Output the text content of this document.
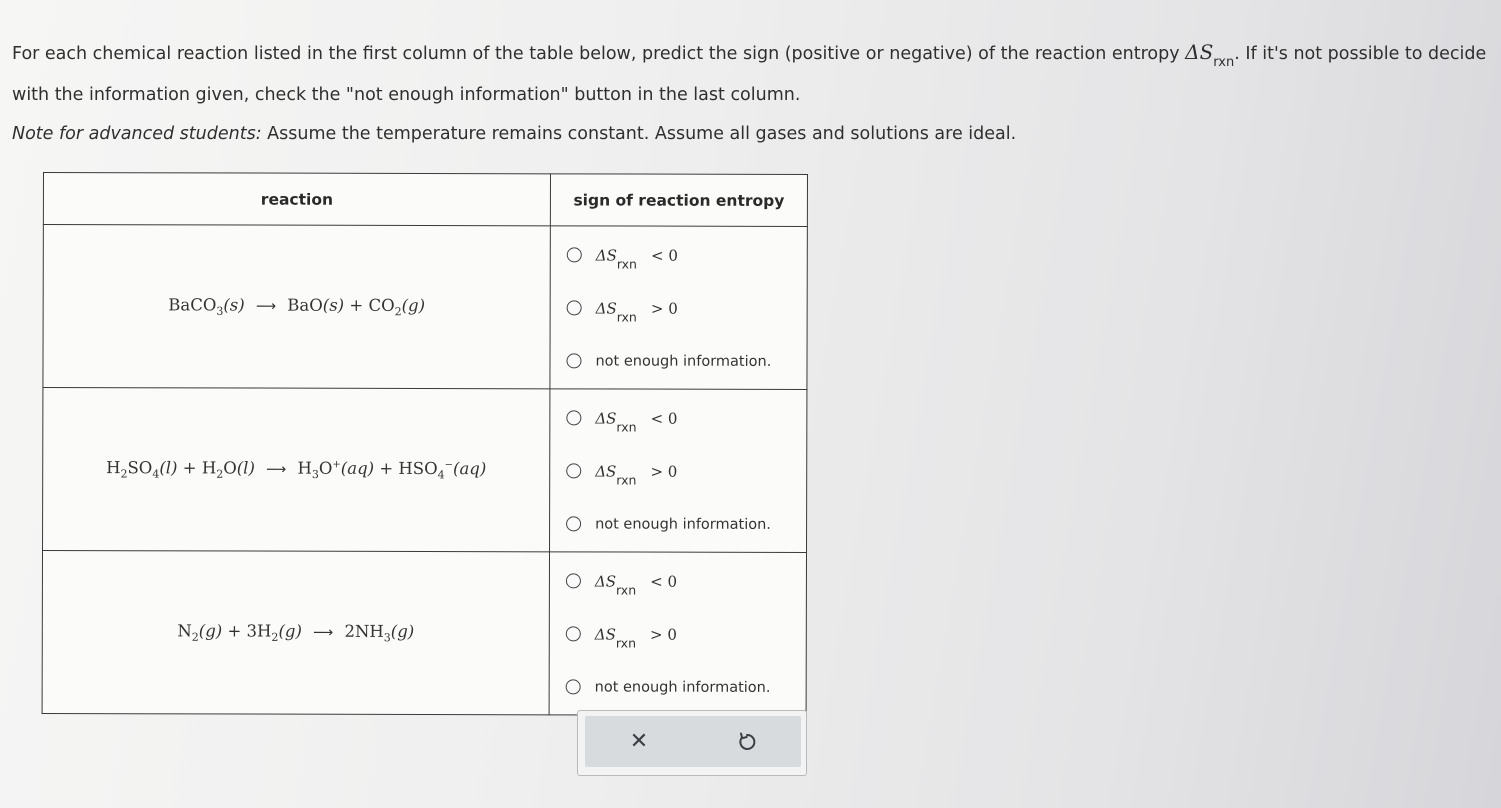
For each chemical reaction listed in the first column of the table below, predict the sign (positive or negative) of the reaction entropy $\Delta S_{rxn}$. If it's not possible to decide with the information given, check the "not enough information" button in the last column.

Note for advanced students: Assume the temperature remains constant. Assume all gases and solutions are ideal.

reaction	sign of reaction entropy
BaCO$_3$(s) ⟶ $BaO(s) + CO_2(g)$	$\Delta S_{rxn} < 0$
$\Delta S_{rxn} > 0$
not enough information.

$H_2SO_4(l) + H_2O(l)$ ⟶ $H_3O^+(aq) + HSO_4^-(aq)$	$\Delta S_{rxn} < 0$
$\Delta S_{rxn} > 0$
not enough information.

$N_2(g) + 3H_2(g)$ ⟶ $2NH_3(g)$	$\Delta S_{rxn} < 0$
$\Delta S_{rxn} > 0$
not enough information.
✕
